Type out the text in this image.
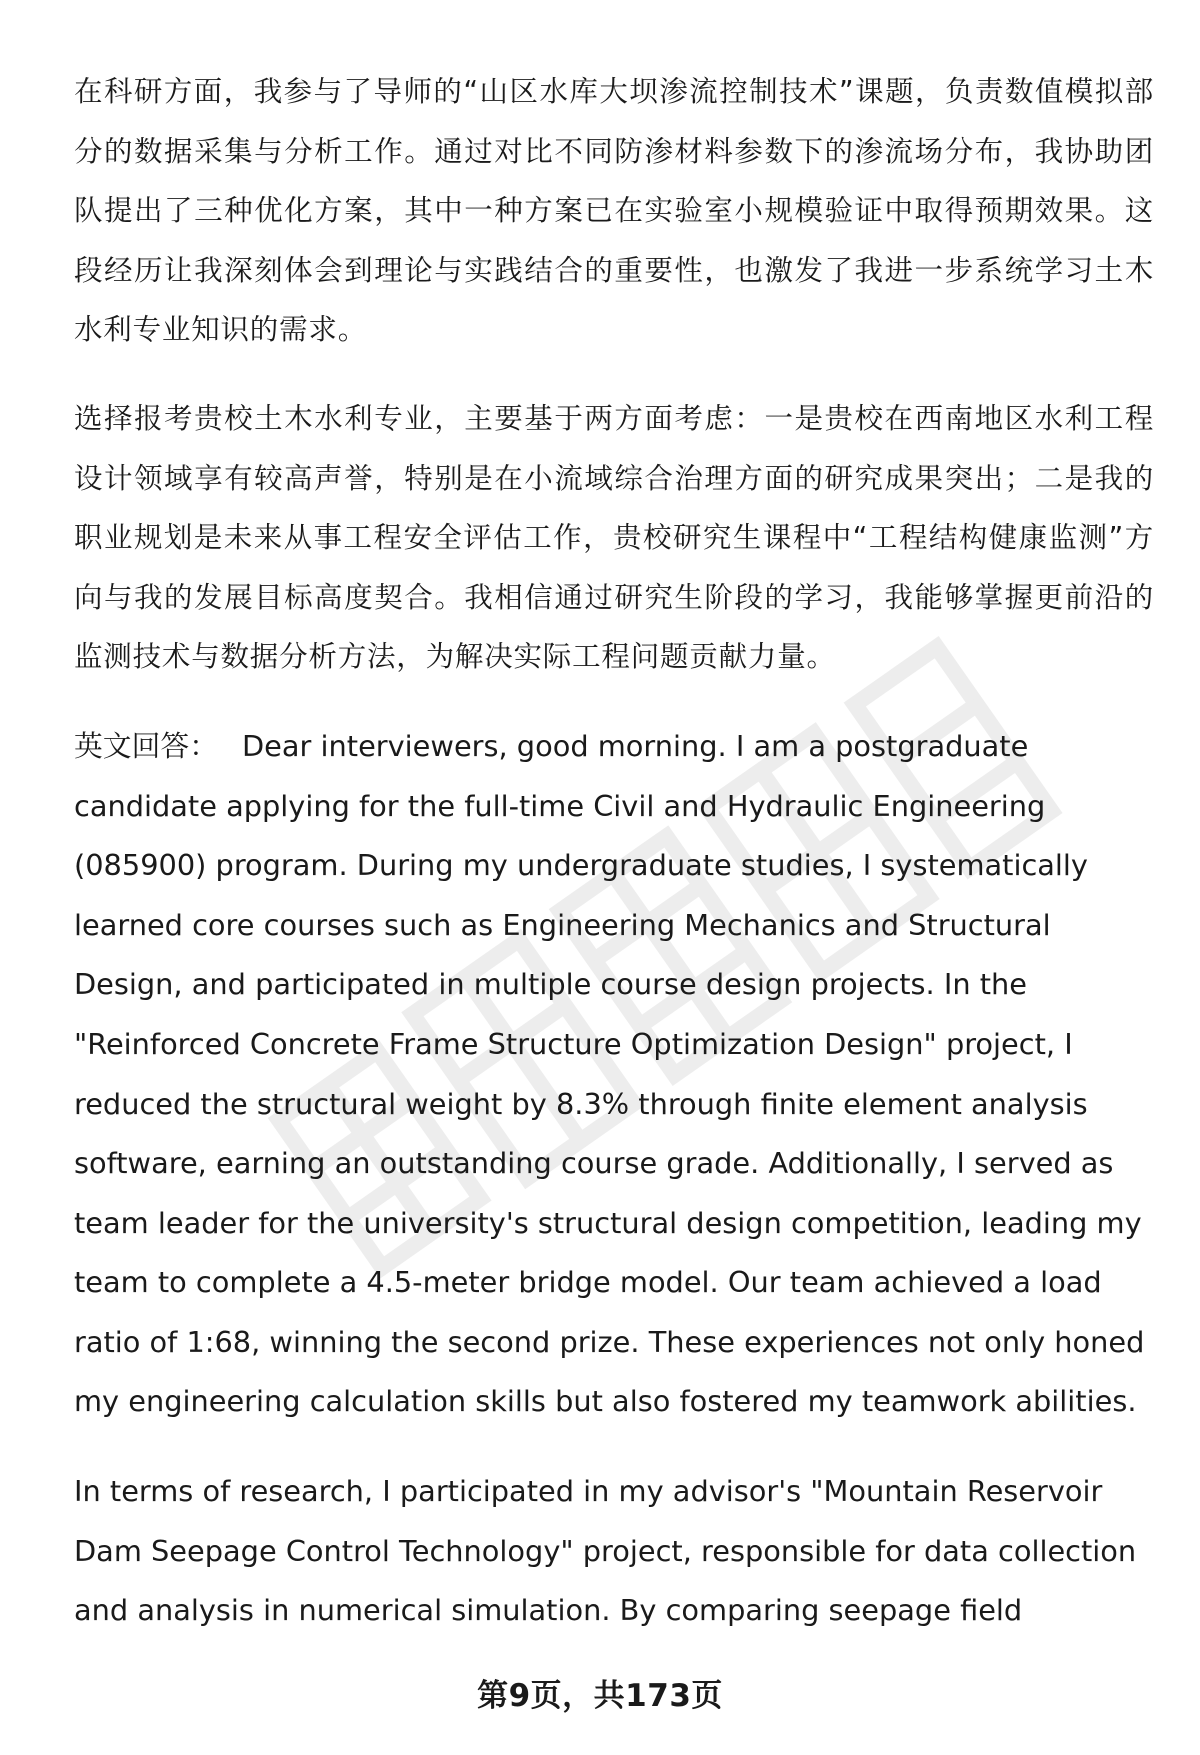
在科研方面，我参与了导师的“山区水库大坝渗流控制技术”课题，负责数值模拟部分的数据采集与分析工作。通过对比不同防渗材料参数下的渗流场分布，我协助团队提出了三种优化方案，其中一种方案已在实验室小规模验证中取得预期效果。这段经历让我深刻体会到理论与实践结合的重要性，也激发了我进一步系统学习土木水利专业知识的需求。

选择报考贵校土木水利专业，主要基于两方面考虑：一是贵校在西南地区水利工程设计领域享有较高声誉，特别是在小流域综合治理方面的研究成果突出；二是我的职业规划是未来从事工程安全评估工作，贵校研究生课程中“工程结构健康监测”方向与我的发展目标高度契合。我相信通过研究生阶段的学习，我能够掌握更前沿的监测技术与数据分析方法，为解决实际工程问题贡献力量。

英文回答： Dear interviewers, good morning. I am a postgraduate candidate applying for the full-time Civil and Hydraulic Engineering (085900) program. During my undergraduate studies, I systematically learned core courses such as Engineering Mechanics and Structural Design, and participated in multiple course design projects. In the "Reinforced Concrete Frame Structure Optimization Design" project, I reduced the structural weight by 8.3% through finite element analysis software, earning an outstanding course grade. Additionally, I served as team leader for the university's structural design competition, leading my team to complete a 4.5-meter bridge model. Our team achieved a load ratio of 1:68, winning the second prize. These experiences not only honed my engineering calculation skills but also fostered my teamwork abilities.

In terms of research, I participated in my advisor's "Mountain Reservoir Dam Seepage Control Technology" project, responsible for data collection and analysis in numerical simulation. By comparing seepage field

第9页，共173页
